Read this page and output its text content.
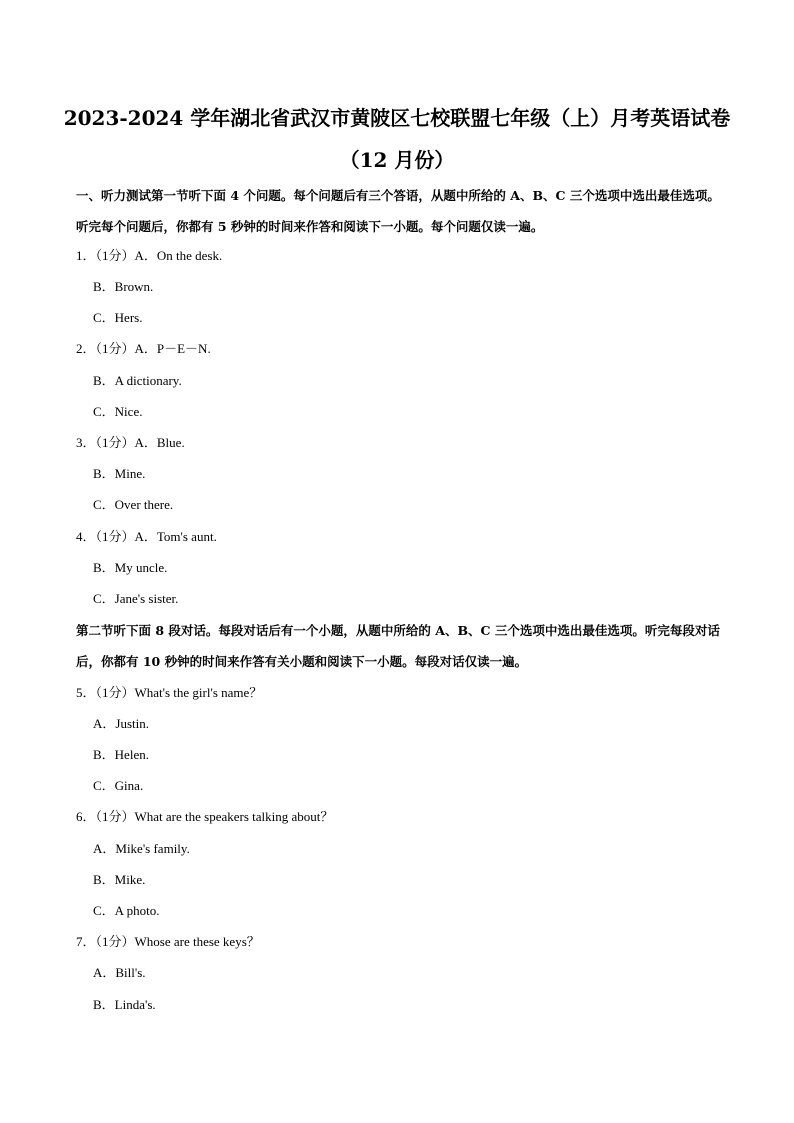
2023-2024 学年湖北省武汉市黄陂区七校联盟七年级（上）月考英语试卷
（12 月份）
一、听力测试第一节听下面 4 个问题。每个问题后有三个答语，从题中所给的 A、B、C 三个选项中选出最佳选项。听完每个问题后，你都有 5 秒钟的时间来作答和阅读下一小题。每个问题仅读一遍。
1．（1分）A．On the desk.
B．Brown.
C．Hers.
2．（1分）A．P－E－N.
B．A dictionary.
C．Nice.
3．（1分）A．Blue.
B．Mine.
C．Over there.
4．（1分）A．Tom's aunt.
B．My uncle.
C．Jane's sister.
第二节听下面 8 段对话。每段对话后有一个小题，从题中所给的 A、B、C 三个选项中选出最佳选项。听完每段对话后，你都有 10 秒钟的时间来作答有关小题和阅读下一小题。每段对话仅读一遍。
5．（1分）What's the girl's name？
A．Justin.
B．Helen.
C．Gina.
6．（1分）What are the speakers talking about？
A．Mike's family.
B．Mike.
C．A photo.
7．（1分）Whose are these keys？
A．Bill's.
B．Linda's.
